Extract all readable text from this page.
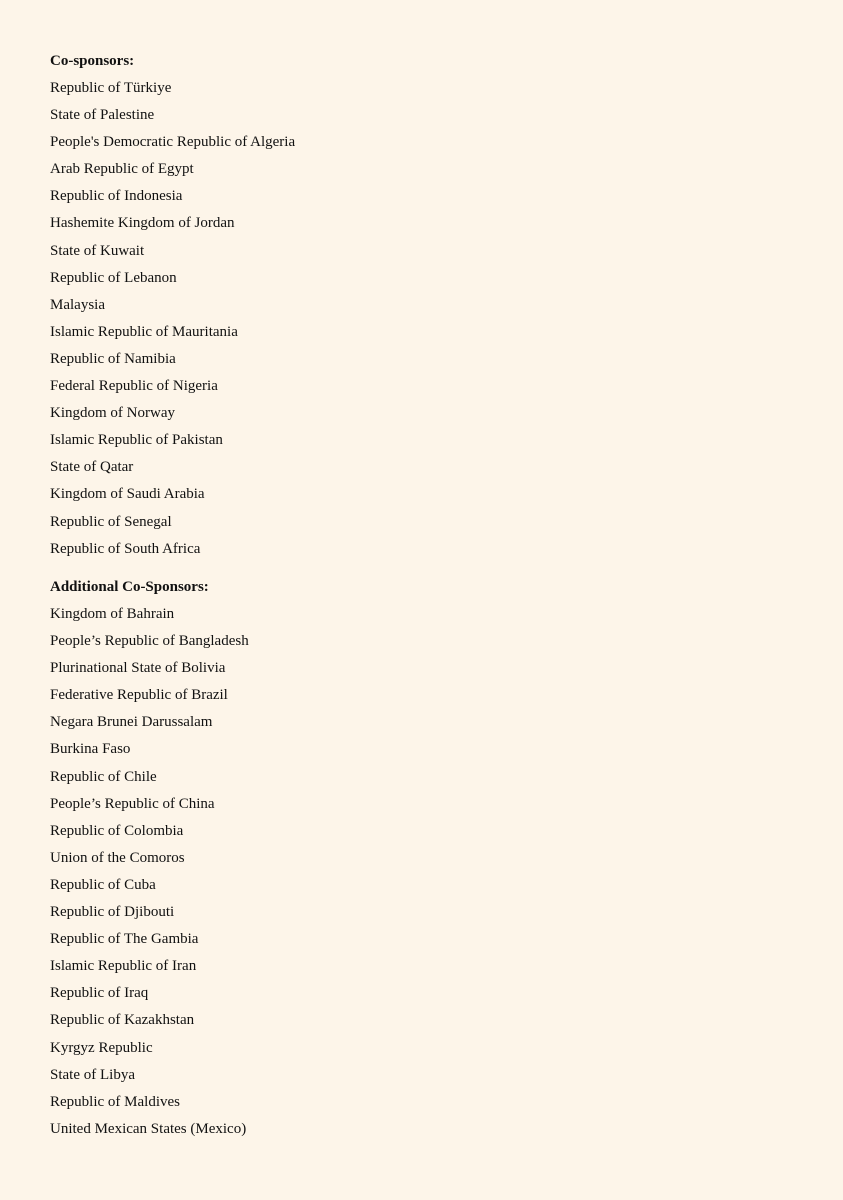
Co-sponsors:
Republic of Türkiye
State of Palestine
People's Democratic Republic of Algeria
Arab Republic of Egypt
Republic of Indonesia
Hashemite Kingdom of Jordan
State of Kuwait
Republic of Lebanon
Malaysia
Islamic Republic of Mauritania
Republic of Namibia
Federal Republic of Nigeria
Kingdom of Norway
Islamic Republic of Pakistan
State of Qatar
Kingdom of Saudi Arabia
Republic of Senegal
Republic of South Africa
Additional Co-Sponsors:
Kingdom of Bahrain
People’s Republic of Bangladesh
Plurinational State of Bolivia
Federative Republic of Brazil
Negara Brunei Darussalam
Burkina Faso
Republic of Chile
People’s Republic of China
Republic of Colombia
Union of the Comoros
Republic of Cuba
Republic of Djibouti
Republic of The Gambia
Islamic Republic of Iran
Republic of Iraq
Republic of Kazakhstan
Kyrgyz Republic
State of Libya
Republic of Maldives
United Mexican States (Mexico)
